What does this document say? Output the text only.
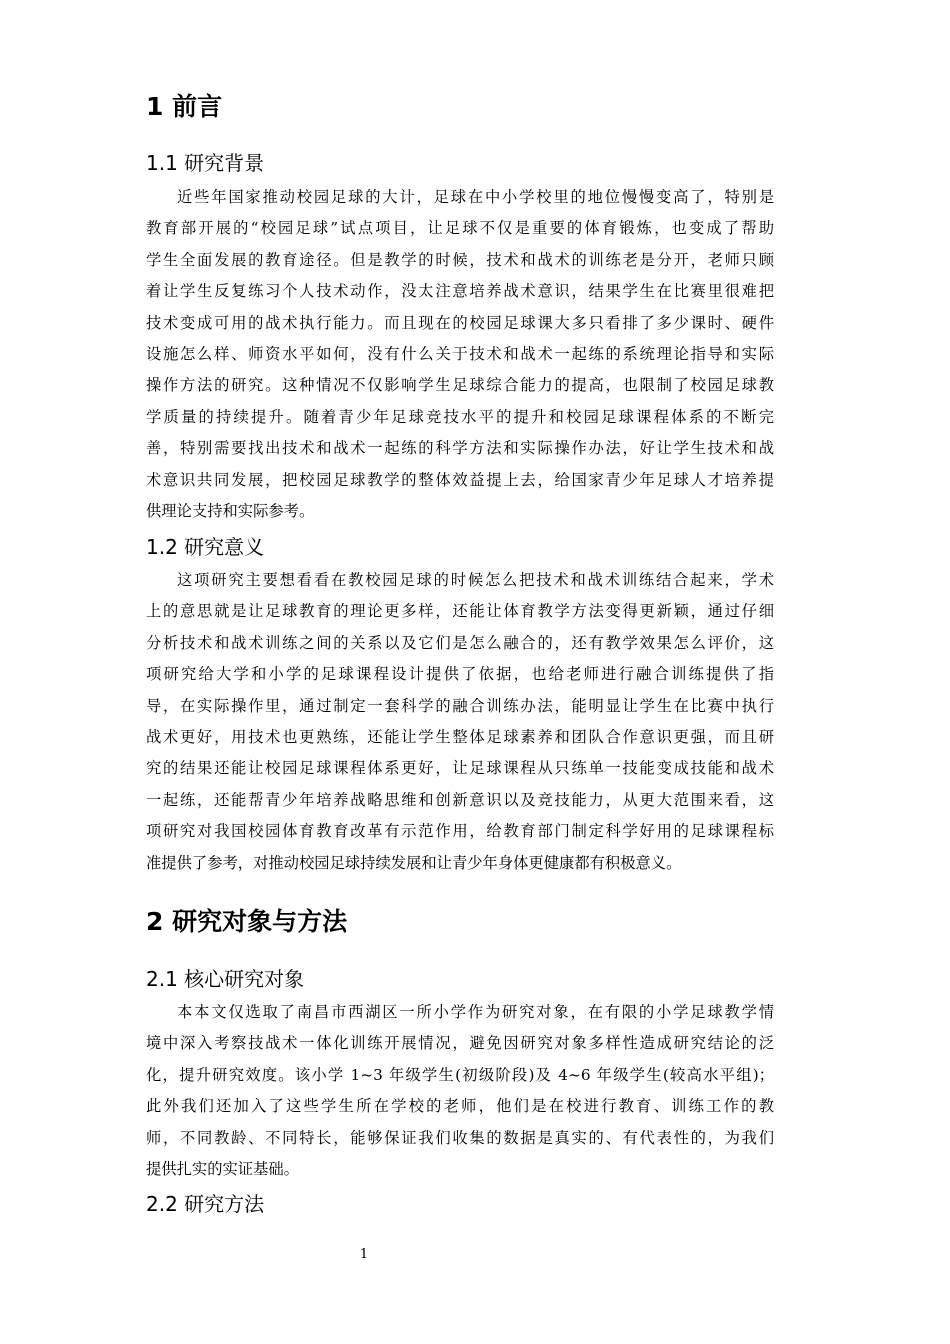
1 前言
1.1 研究背景
近些年国家推动校园足球的大计，足球在中小学校里的地位慢慢变高了，特别是
教育部开展的“校园足球”试点项目，让足球不仅是重要的体育锻炼，也变成了帮助
学生全面发展的教育途径。但是教学的时候，技术和战术的训练老是分开，老师只顾
着让学生反复练习个人技术动作，没太注意培养战术意识，结果学生在比赛里很难把
技术变成可用的战术执行能力。而且现在的校园足球课大多只看排了多少课时、硬件
设施怎么样、师资水平如何，没有什么关于技术和战术一起练的系统理论指导和实际
操作方法的研究。这种情况不仅影响学生足球综合能力的提高，也限制了校园足球教
学质量的持续提升。随着青少年足球竞技水平的提升和校园足球课程体系的不断完
善，特别需要找出技术和战术一起练的科学方法和实际操作办法，好让学生技术和战
术意识共同发展，把校园足球教学的整体效益提上去，给国家青少年足球人才培养提
供理论支持和实际参考。
1.2 研究意义
这项研究主要想看看在教校园足球的时候怎么把技术和战术训练结合起来，学术
上的意思就是让足球教育的理论更多样，还能让体育教学方法变得更新颖，通过仔细
分析技术和战术训练之间的关系以及它们是怎么融合的，还有教学效果怎么评价，这
项研究给大学和小学的足球课程设计提供了依据，也给老师进行融合训练提供了指
导，在实际操作里，通过制定一套科学的融合训练办法，能明显让学生在比赛中执行
战术更好，用技术也更熟练，还能让学生整体足球素养和团队合作意识更强，而且研
究的结果还能让校园足球课程体系更好，让足球课程从只练单一技能变成技能和战术
一起练，还能帮青少年培养战略思维和创新意识以及竞技能力，从更大范围来看，这
项研究对我国校园体育教育改革有示范作用，给教育部门制定科学好用的足球课程标
准提供了参考，对推动校园足球持续发展和让青少年身体更健康都有积极意义。
2 研究对象与方法
2.1 核心研究对象
本本文仅选取了南昌市西湖区一所小学作为研究对象，在有限的小学足球教学情
境中深入考察技战术一体化训练开展情况，避免因研究对象多样性造成研究结论的泛
化，提升研究效度。该小学 1~3 年级学生(初级阶段)及 4~6 年级学生(较高水平组)；
此外我们还加入了这些学生所在学校的老师，他们是在校进行教育、训练工作的教
师，不同教龄、不同特长，能够保证我们收集的数据是真实的、有代表性的，为我们
提供扎实的实证基础。
2.2 研究方法
1
